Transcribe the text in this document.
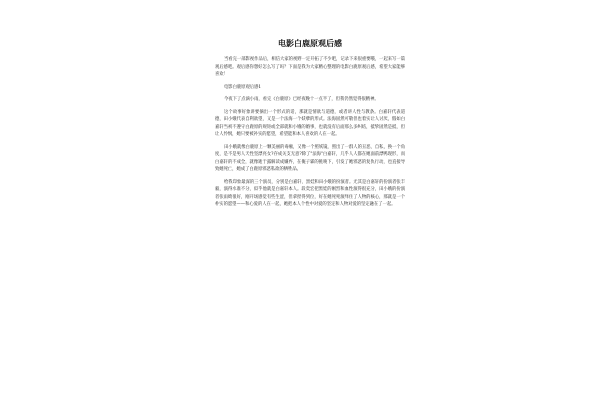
电影白鹿原观后感

当看完一部影视作品后，相信大家的视野一定开拓了不少吧，记录下来很重要哦，一起来写一篇观后感吧。观后感你想好怎么写了吗？下面是我为大家精心整理的电影白鹿原观后感，希望大家能够喜欢！

电影白鹿原观后感1

今夜下了点滴小雨，看完《白鹿原》已经夜晚十一点半了，但我仍然觉得很精神。

这个故事好象讲要摘出一个形式的话，那就是情欲与道德，或者讲人性与教条。白嘉轩代表道德，田小娥代表自利欲望，又是一个法海一个妖孽的形式。法海固然可敬但也着实让人讨厌，假如白嘉轩当初不遵守白鹿原的规矩或全部就和小娥的婚事，也就没有后面那么多纠结，抵挚固然是抵，但让人怜悯，她只要被补实的愿望，希望能和本人喜欢的人在一起。

田小娥就像白鹿原上一颗美丽的毒瘤，又像一个照妖镜，照出了一群人的丑恶、自私，换一个角度，是不是男人天性坚漂亮女?存成关支无意?除了"法海"白嘉轩，几乎人人都在她面前漂鸭现形，而白嘉轩的不成全，就像逝于露解读成嫌弃，在俺子霖的挑唆下，引发了她邪恶的复仇行动，也直接导致她死亡，她成了白鹿原邪恶私欲的牺牲品。

给我印象最深的三个演员，分别是白嘉轩、黑娃和田小娥的扮演者。尤其是白嘉轩的扮演者张丰毅，演得水准不分，似乎他就是白嘉轩本人。段奕宏把黑娃的刚烈和血性演得很充分，田小娥的扮演者张雨绮很好，刚开场感觉有些生涩，但拿捏得到位，好在她死死演绎住了人物的核心，那就是一个朴实的愿望——和心爱的人在一起，她把本人个性中对爱的坚定和人物对爱的坚定融在了一起。
